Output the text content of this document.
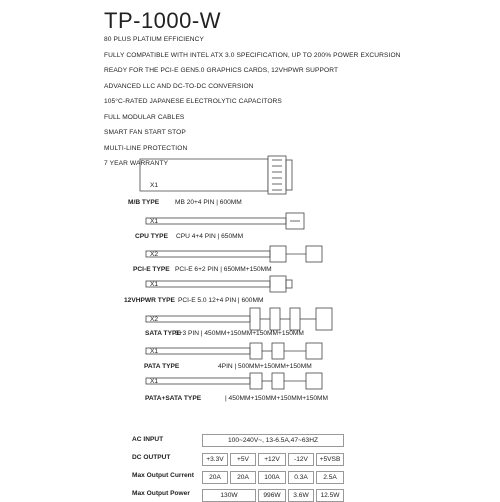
TP-1000-W
80 PLUS PLATIUM EFFICIENCY
FULLY COMPATIBLE WITH INTEL ATX 3.0 SPECIFICATION, UP TO 200% POWER EXCURSION
READY FOR THE PCI-E GEN5.0 GRAPHICS CARDS, 12VHPWR SUPPORT
ADVANCED LLC AND DC-TO-DC CONVERSION
105°C-RATED JAPANESE ELECTROLYTIC CAPACITORS
FULL MODULAR CABLES
SMART FAN START STOP
MULTI-LINE PROTECTION
7 YEAR WARRANTY
X1
M/B TYPE MB 20+4 PIN | 600MM
X1
CPU TYPE CPU 4+4 PIN | 650MM
X2
PCI-E TYPE PCI-E 6+2 PIN | 650MM+150MM
X1
12VHPWR TYPE PCI-E 5.0 12+4 PIN | 600MM
X2
SATA TYPE
3+3 PIN | 450MM+150MM+150MM+150MM
X1
PATA TYPE	4PIN | 500MM+150MM+150MM
X1
PATA+SATA TYPE	| 450MM+150MM+150MM+150MM
AC INPUT	100~240V~, 13-6.5A,47~63HZ
DC OUTPUT	+3.3V	+5V	+12V	-12V	+5VSB
Max Output Current	20A	20A	100A	0.3A	2.5A
Max Output Power	130W	996W	3.6W	12.5W
